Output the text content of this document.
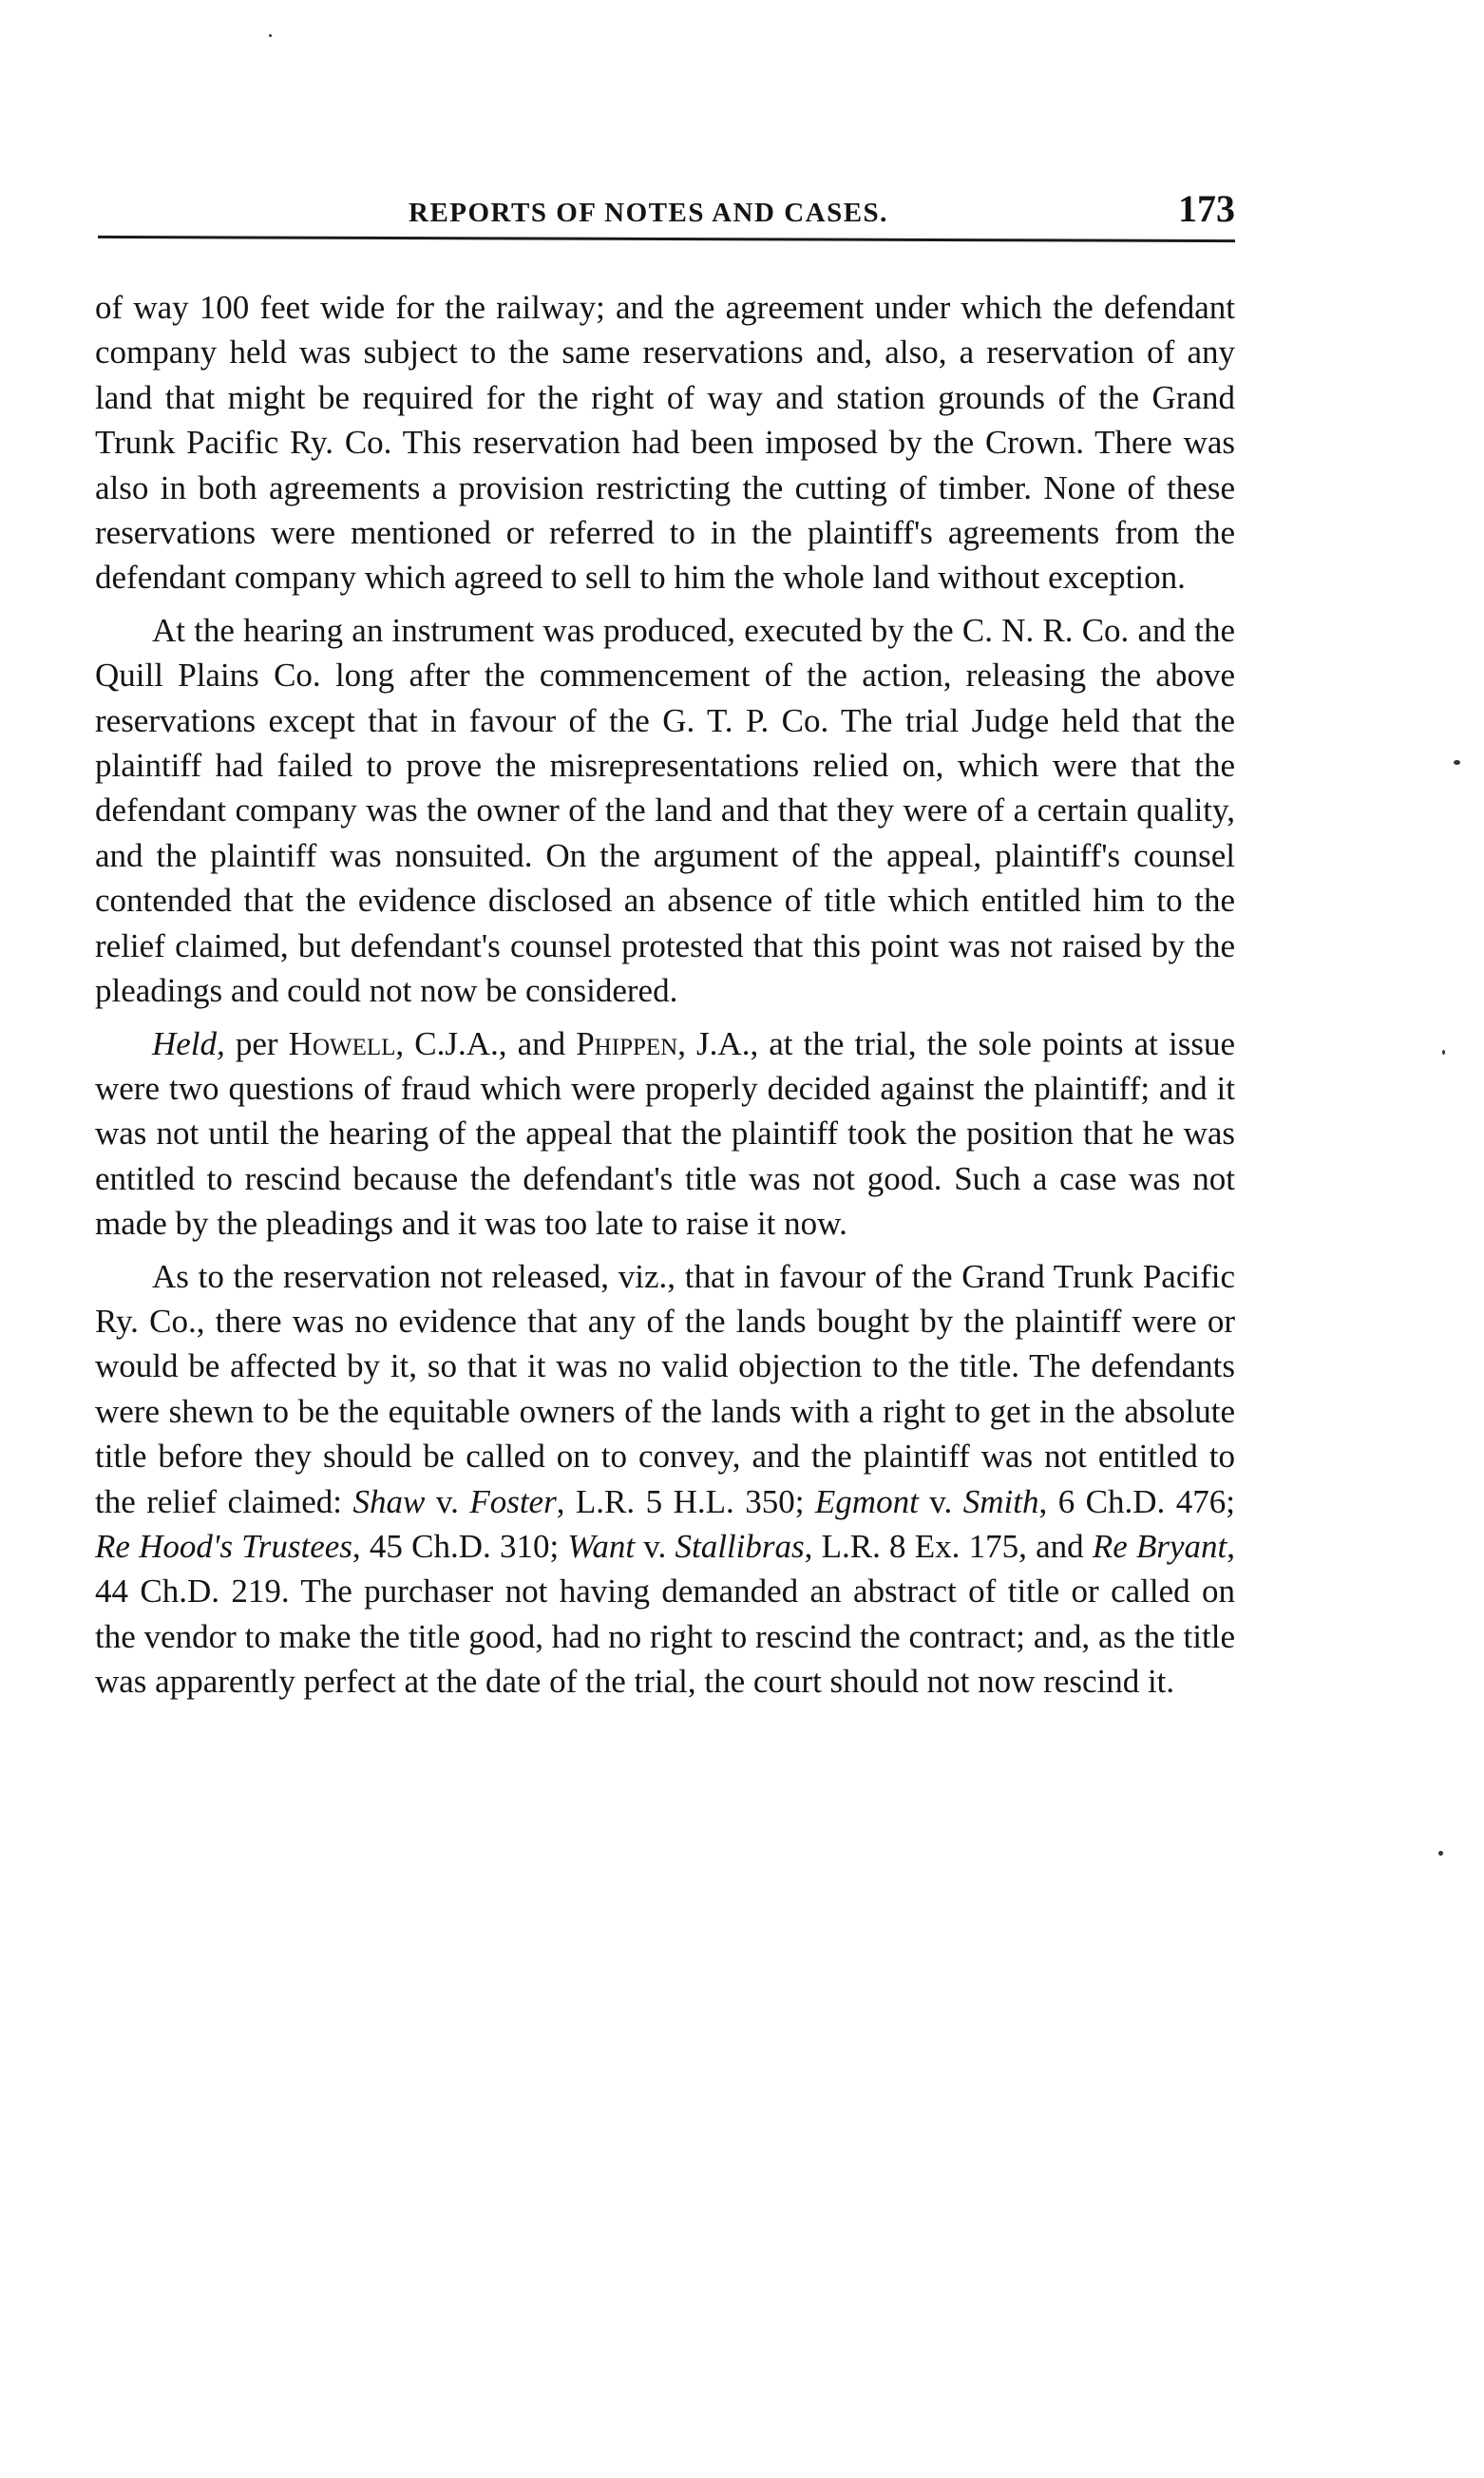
REPORTS OF NOTES AND CASES.	173

of way 100 feet wide for the railway; and the agreement under which the defendant company held was subject to the same reservations and, also, a reservation of any land that might be required for the right of way and station grounds of the Grand Trunk Pacific Ry. Co. This reservation had been imposed by the Crown. There was also in both agreements a provision restricting the cutting of timber. None of these reservations were mentioned or referred to in the plaintiff's agreements from the defendant company which agreed to sell to him the whole land without exception.

At the hearing an instrument was produced, executed by the C. N. R. Co. and the Quill Plains Co. long after the commencement of the action, releasing the above reservations except that in favour of the G. T. P. Co. The trial Judge held that the plaintiff had failed to prove the misrepresentations relied on, which were that the defendant company was the owner of the land and that they were of a certain quality, and the plaintiff was nonsuited. On the argument of the appeal, plaintiff's counsel contended that the evidence disclosed an absence of title which entitled him to the relief claimed, but defendant's counsel protested that this point was not raised by the pleadings and could not now be considered.

Held, per Howell, C.J.A., and Phippen, J.A., at the trial, the sole points at issue were two questions of fraud which were properly decided against the plaintiff; and it was not until the hearing of the appeal that the plaintiff took the position that he was entitled to rescind because the defendant's title was not good. Such a case was not made by the pleadings and it was too late to raise it now.

As to the reservation not released, viz., that in favour of the Grand Trunk Pacific Ry. Co., there was no evidence that any of the lands bought by the plaintiff were or would be affected by it, so that it was no valid objection to the title. The defendants were shewn to be the equitable owners of the lands with a right to get in the absolute title before they should be called on to convey, and the plaintiff was not entitled to the relief claimed: Shaw v. Foster, L.R. 5 H.L. 350; Egmont v. Smith, 6 Ch.D. 476; Re Hood's Trustees, 45 Ch.D. 310; Want v. Stallibras, L.R. 8 Ex. 175, and Re Bryant, 44 Ch.D. 219. The purchaser not having demanded an abstract of title or called on the vendor to make the title good, had no right to rescind the contract; and, as the title was apparently perfect at the date of the trial, the court should not now rescind it.
